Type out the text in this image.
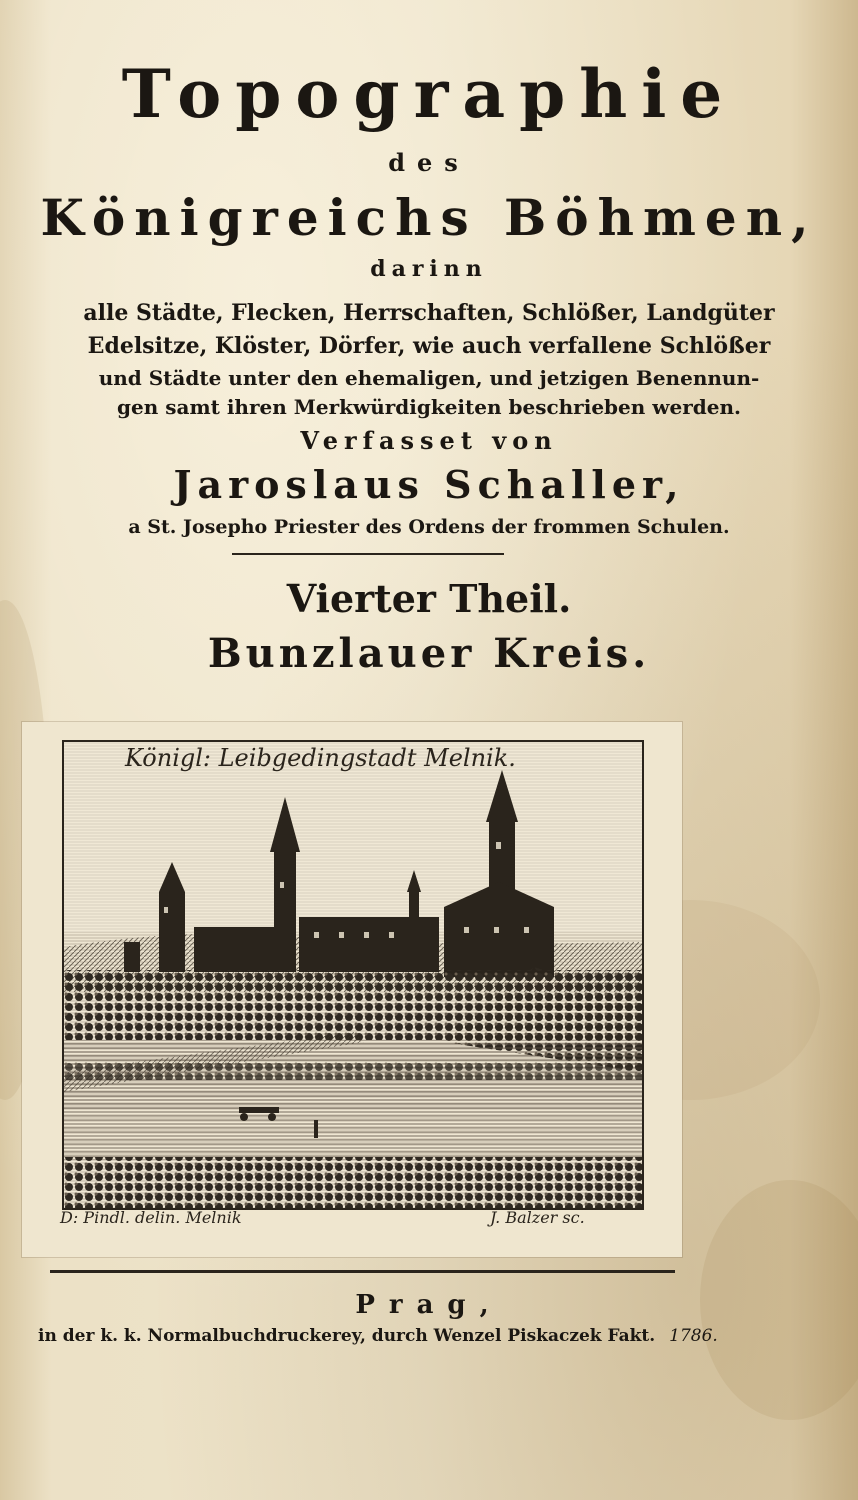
Topographie
des
Königreichs Böhmen,
darinn
alle Städte, Flecken, Herrschaften, Schlößer, Landgüter
Edelsitze, Klöster, Dörfer, wie auch verfallene Schlößer
und Städte unter den ehemaligen, und jetzigen Benennun-
gen samt ihren Merkwürdigkeiten beschrieben werden.
Verfasset von
Jaroslaus Schaller,
a St. Josepho Priester des Ordens der frommen Schulen.
Vierter Theil.
Bunzlauer Kreis.
Königl: Leibgedingstadt Melnik.
D: Pindl. delin. Melnik	J. Balzer sc.
Prag,
in der k. k. Normalbuchdruckerey, durch Wenzel Piskaczek Fakt. 1786.
